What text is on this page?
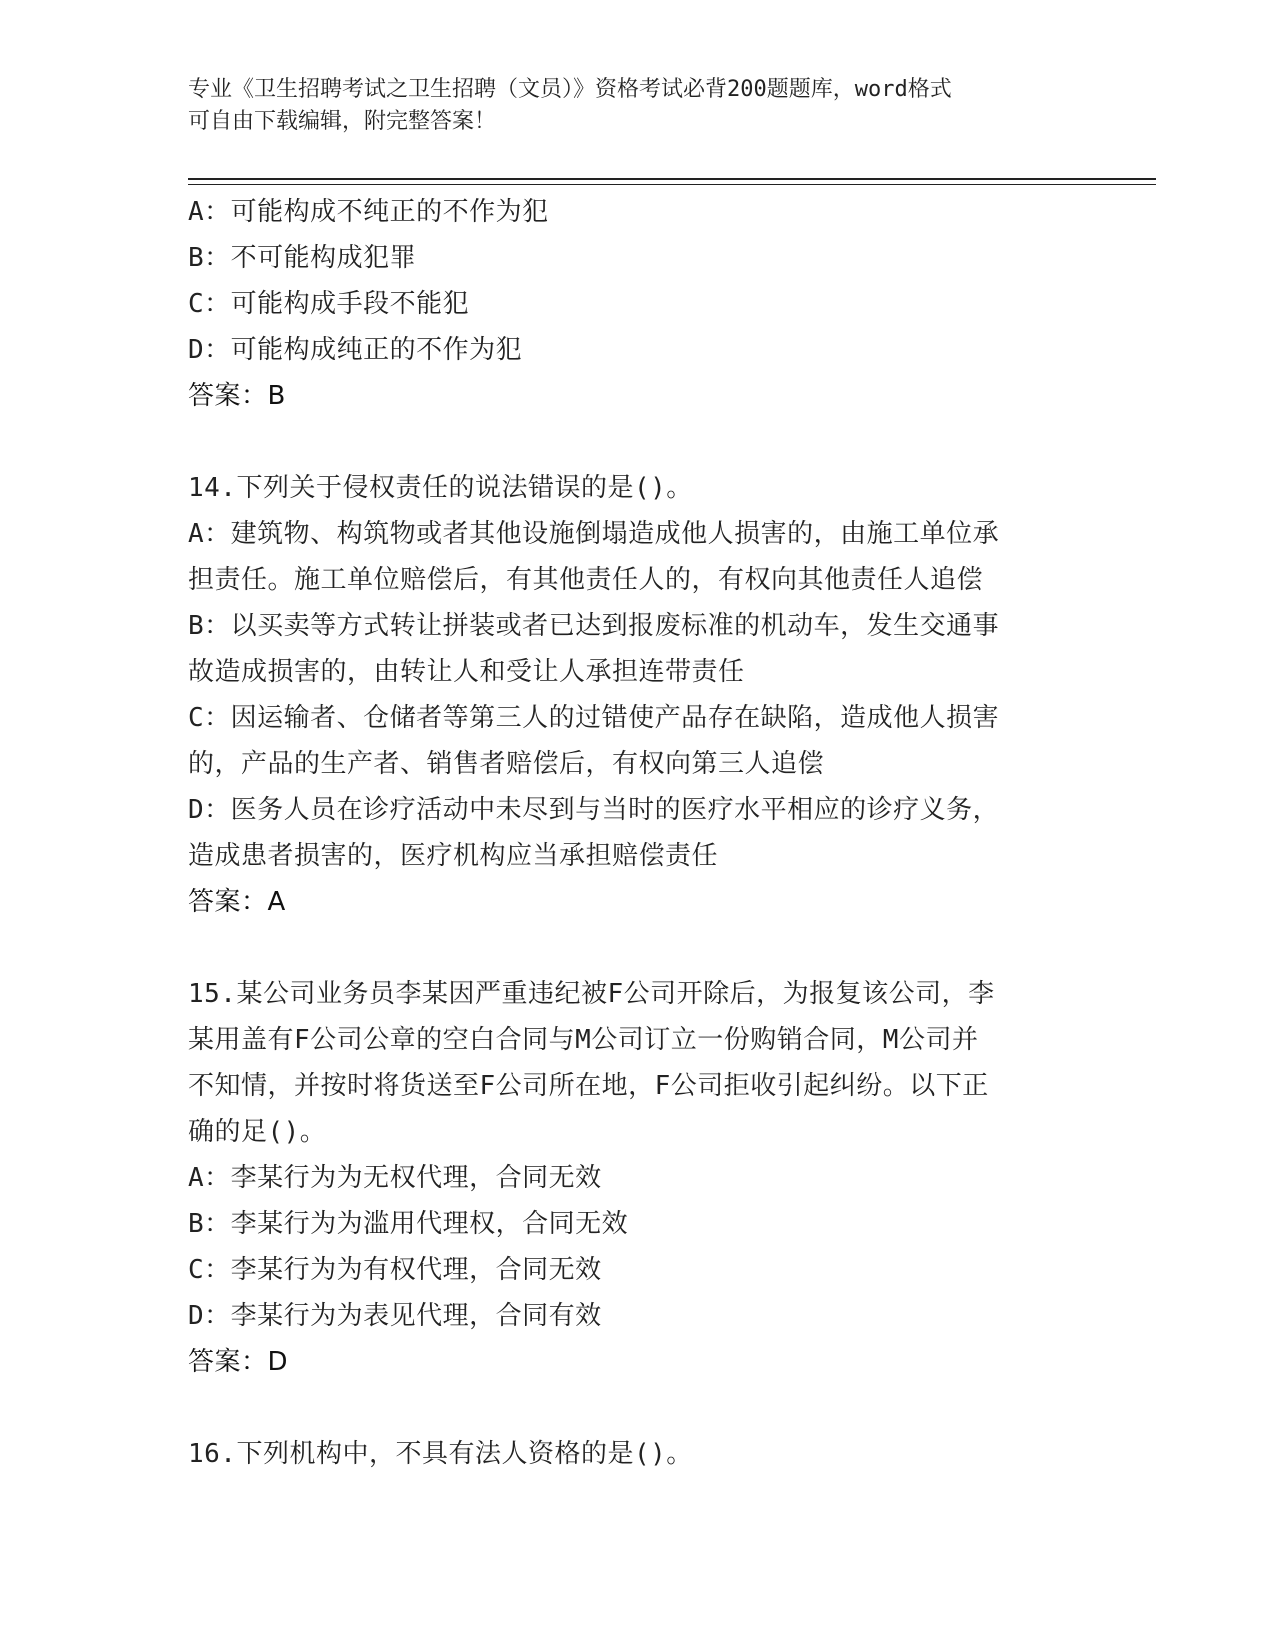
专业《卫生招聘考试之卫生招聘（文员）》资格考试必背200题题库，word格式
可自由下载编辑，附完整答案！
A：可能构成不纯正的不作为犯
B：不可能构成犯罪
C：可能构成手段不能犯
D：可能构成纯正的不作为犯
答案：B
14.下列关于侵权责任的说法错误的是()。
A：建筑物、构筑物或者其他设施倒塌造成他人损害的，由施工单位承
担责任。施工单位赔偿后，有其他责任人的，有权向其他责任人追偿
B：以买卖等方式转让拼装或者已达到报废标准的机动车，发生交通事
故造成损害的，由转让人和受让人承担连带责任
C：因运输者、仓储者等第三人的过错使产品存在缺陷，造成他人损害
的，产品的生产者、销售者赔偿后，有权向第三人追偿
D：医务人员在诊疗活动中未尽到与当时的医疗水平相应的诊疗义务，
造成患者损害的，医疗机构应当承担赔偿责任
答案：A
15.某公司业务员李某因严重违纪被F公司开除后，为报复该公司，李
某用盖有F公司公章的空白合同与M公司订立一份购销合同，M公司并
不知情，并按时将货送至F公司所在地，F公司拒收引起纠纷。以下正
确的足()。
A：李某行为为无权代理，合同无效
B：李某行为为滥用代理权，合同无效
C：李某行为为有权代理，合同无效
D：李某行为为表见代理，合同有效
答案：D
16.下列机构中，不具有法人资格的是()。
